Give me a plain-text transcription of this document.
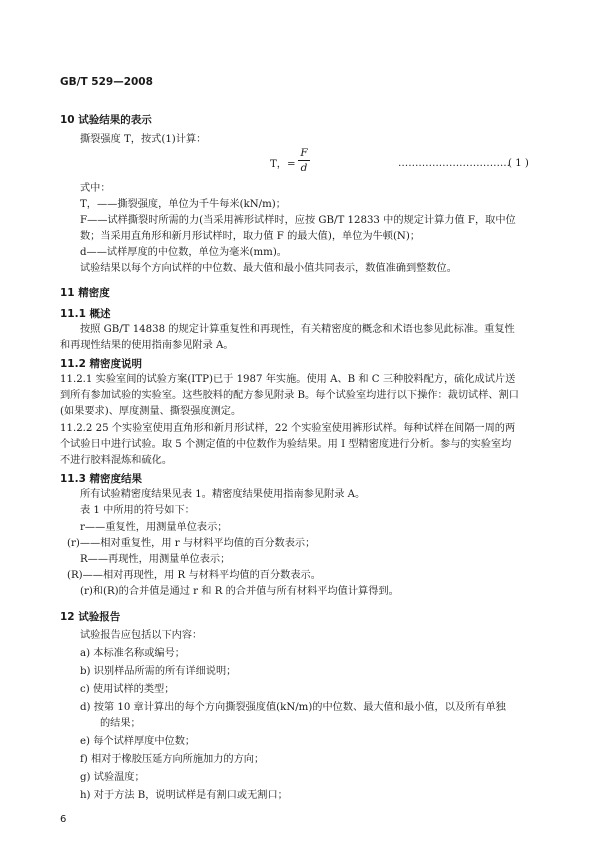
GB/T 529—2008
10 试验结果的表示
撕裂强度 T，按式(1)计算：
T，=
F
d	……………………………
( 1 )
式中：
T，——撕裂强度，单位为千牛每米(kN/m)；
F——试样撕裂时所需的力(当采用裤形试样时，应按 GB/T 12833 中的规定计算力值 F，取中位
数；当采用直角形和新月形试样时，取力值 F 的最大值)，单位为牛顿(N)；
d——试样厚度的中位数，单位为毫米(mm)。
试验结果以每个方向试样的中位数、最大值和最小值共同表示，数值准确到整数位。
11 精密度
11.1 概述
按照 GB/T 14838 的规定计算重复性和再现性，有关精密度的概念和术语也参见此标准。重复性
和再现性结果的使用指南参见附录 A。
11.2 精密度说明
11.2.1 实验室间的试验方案(ITP)已于 1987 年实施。使用 A、B 和 C 三种胶料配方，硫化成试片送
到所有参加试验的实验室。这些胶料的配方参见附录 B。每个试验室均进行以下操作：裁切试样、割口
(如果要求)、厚度测量、撕裂强度测定。
11.2.2 25 个实验室使用直角形和新月形试样，22 个实验室使用裤形试样。每种试样在间隔一周的两
个试验日中进行试验。取 5 个测定值的中位数作为验结果。用 I 型精密度进行分析。参与的实验室均
不进行胶料混炼和硫化。
11.3 精密度结果
所有试验精密度结果见表 1。精密度结果使用指南参见附录 A。
表 1 中所用的符号如下：
r——重复性，用测量单位表示；
(r)——相对重复性，用 r 与材料平均值的百分数表示；
R——再现性，用测量单位表示；
(R)——相对再现性，用 R 与材料平均值的百分数表示。
(r)和(R)的合并值是通过 r 和 R 的合并值与所有材料平均值计算得到。
12 试验报告
试验报告应包括以下内容：
a) 本标准名称或编号；
b) 识别样品所需的所有详细说明；
c) 使用试样的类型；
d) 按第 10 章计算出的每个方向撕裂强度值(kN/m)的中位数、最大值和最小值，以及所有单独
的结果；
e) 每个试样厚度中位数；
f) 相对于橡胶压延方向所施加力的方向；
g) 试验温度；
h) 对于方法 B，说明试样是有割口或无割口；
6
